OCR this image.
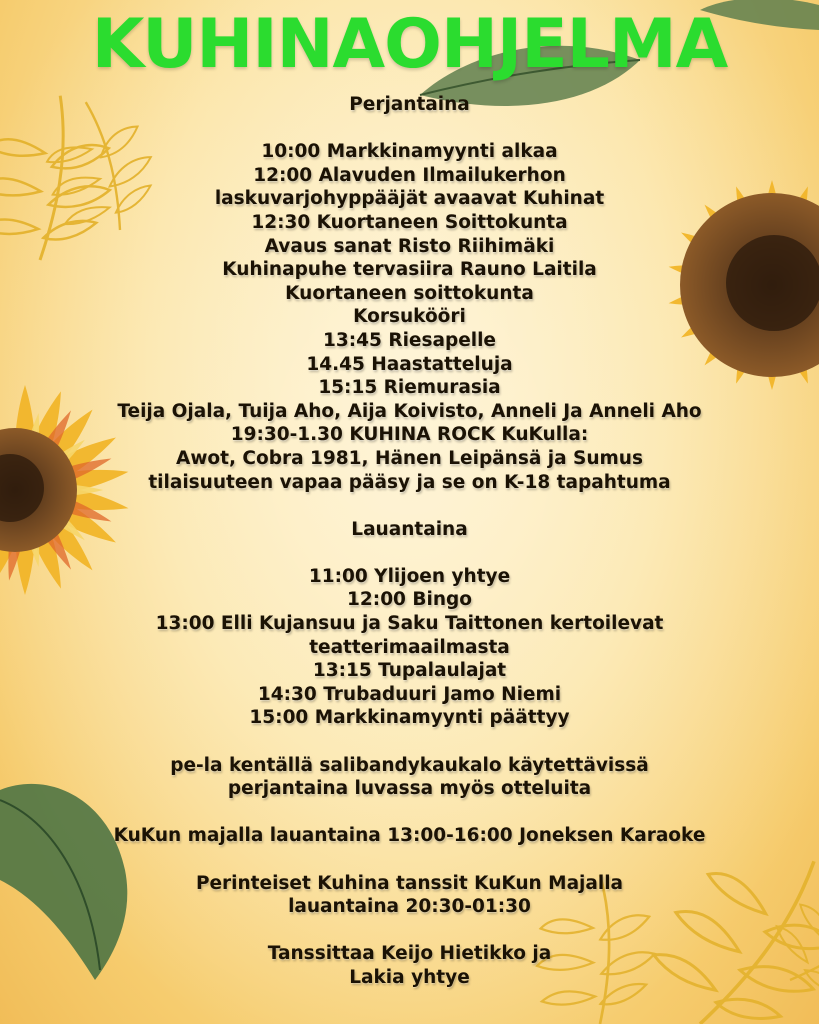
KUHINAOHJELMA
Perjantaina
10:00 Markkinamyynti alkaa
12:00 Alavuden Ilmailukerhon
laskuvarjohyppääjät avaavat Kuhinat
12:30 Kuortaneen Soittokunta
Avaus sanat Risto Riihimäki
Kuhinapuhe tervasiira Rauno Laitila
Kuortaneen soittokunta
Korsuköörі
13:45 Riesapelle
14.45 Haastatteluja
15:15 Riemurasia
Teija Ojala, Tuija Aho, Aija Koivisto, Anneli Ja Anneli Aho
19:30-1.30 KUHINA ROCK KuKulla:
Awot, Cobra 1981, Hänen Leipänsä ja Sumus
tilaisuuteen vapaa pääsy ja se on K-18 tapahtuma
Lauantaina
11:00 Ylijoen yhtye
12:00 Bingo
13:00 Elli Kujansuu ja Saku Taittonen kertoilevat
teatterimaailmasta
13:15 Tupalaulajat
14:30 Trubaduuri Jamo Niemi
15:00 Markkinamyynti päättyy
pe-la kentällä salibandykaukalo käytettävissä
perjantaina luvassa myös otteluita
KuKun majalla lauantaina 13:00-16:00 Joneksen Karaoke
Perinteiset Kuhina tanssit KuKun Majalla
lauantaina 20:30-01:30
Tanssittaa Keijo Hietikko ja
Lakia yhtye
